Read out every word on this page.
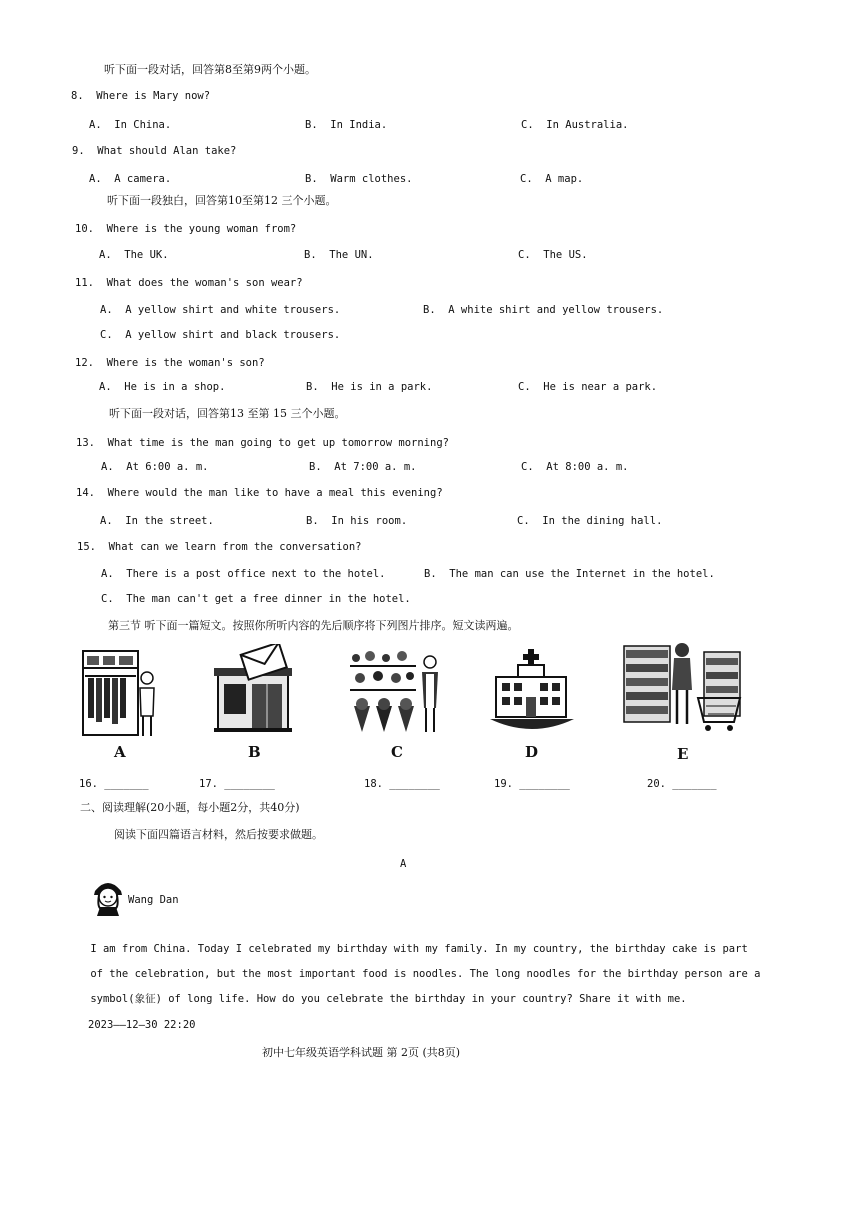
听下面一段对话，回答第8至第9两个小题。
8.  Where is Mary now?
A.  In China.	B.  In India.	C.  In Australia.
9.  What should Alan take?
A.  A camera.	B.  Warm clothes.	C.  A map.
听下面一段独白，回答第10至第12 三个小题。
10.  Where is the young woman from?
A.  The UK.	B.  The UN.	C.  The US.
11.  What does the woman's son wear?
A.  A yellow shirt and white trousers.	B.  A white shirt and yellow trousers.
C.  A yellow shirt and black trousers.
12.  Where is the woman's son?
A.  He is in a shop.	B.  He is in a park.	C.  He is near a park.
听下面一段对话，回答第13 至第 15 三个小题。
13.  What time is the man going to get up tomorrow morning?
A.  At 6:00 a. m.	B.  At 7:00 a. m.	C.  At 8:00 a. m.
14.  Where would the man like to have a meal this evening?
A.  In the street.	B.  In his room.	C.  In the dining hall.
15.  What can we learn from the conversation?
A.  There is a post office next to the hotel.	B.  The man can use the Internet in the hotel.
C.  The man can't get a free dinner in the hotel.
第三节 听下面一篇短文。按照你所听内容的先后顺序将下列图片排序。短文读两遍。
A	B	C	D	E
16. _______	17. ________	18. ________	19. ________	20. _______
二、阅读理解(20小题，每小题2分，共40分)
阅读下面四篇语言材料，然后按要求做题。
A
Wang Dan
I am from China. Today I celebrated my birthday with my family. In my country, the birthday cake is part
of the celebration, but the most important food is noodles. The long noodles for the birthday person are a
symbol(象征) of long life. How do you celebrate the birthday in your country? Share it with me.
2023——12—30 22:20
初中七年级英语学科试题 第 2页 (共8页)
